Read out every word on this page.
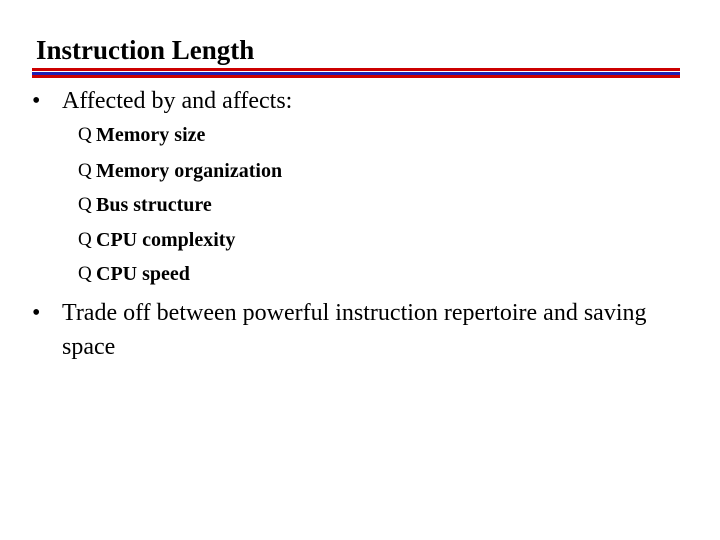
Instruction Length
• Affected by and affects:
Q Memory size
Q Memory organization
Q Bus structure
Q CPU complexity
Q CPU speed
• Trade off between powerful instruction repertoire and saving space
